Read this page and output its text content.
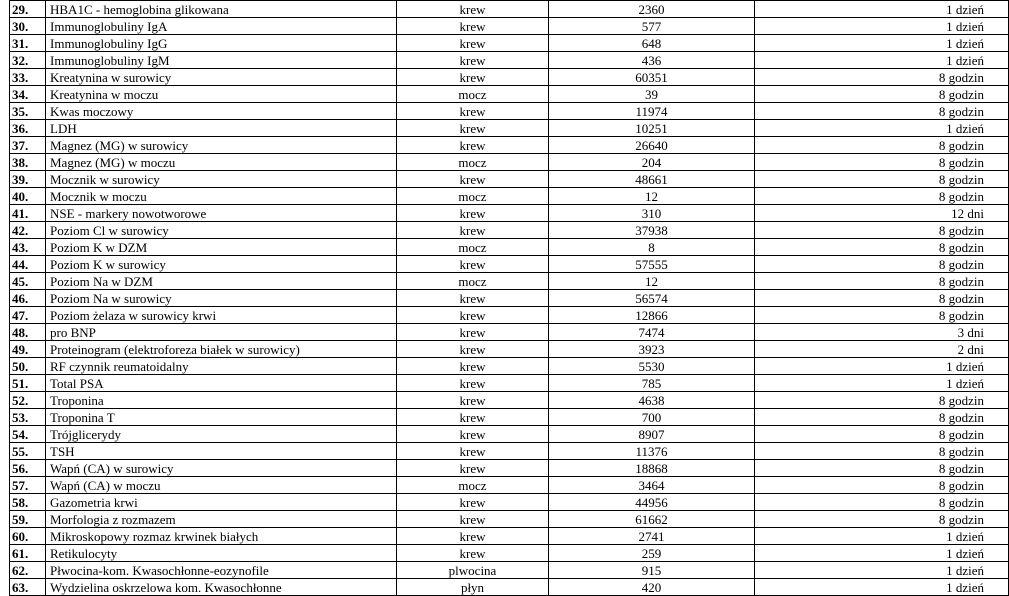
29.	HBA1C - hemoglobina glikowana	krew	2360	1 dzień
30.	Immunoglobuliny IgA	krew	577	1 dzień
31.	Immunoglobuliny IgG	krew	648	1 dzień
32.	Immunoglobuliny IgM	krew	436	1 dzień
33.	Kreatynina w surowicy	krew	60351	8 godzin
34.	Kreatynina w moczu	mocz	39	8 godzin
35.	Kwas moczowy	krew	11974	8 godzin
36.	LDH	krew	10251	1 dzień
37.	Magnez (MG) w surowicy	krew	26640	8 godzin
38.	Magnez (MG) w moczu	mocz	204	8 godzin
39.	Mocznik w surowicy	krew	48661	8 godzin
40.	Mocznik w moczu	mocz	12	8 godzin
41.	NSE - markery nowotworowe	krew	310	12 dni
42.	Poziom Cl w surowicy	krew	37938	8 godzin
43.	Poziom K w DZM	mocz	8	8 godzin
44.	Poziom K w surowicy	krew	57555	8 godzin
45.	Poziom Na w DZM	mocz	12	8 godzin
46.	Poziom Na w surowicy	krew	56574	8 godzin
47.	Poziom żelaza w surowicy krwi	krew	12866	8 godzin
48.	pro BNP	krew	7474	3 dni
49.	Proteinogram (elektroforeza białek w surowicy)	krew	3923	2 dni
50.	RF czynnik reumatoidalny	krew	5530	1 dzień
51.	Total PSA	krew	785	1 dzień
52.	Troponina	krew	4638	8 godzin
53.	Troponina T	krew	700	8 godzin
54.	Trójglicerydy	krew	8907	8 godzin
55.	TSH	krew	11376	8 godzin
56.	Wapń (CA) w surowicy	krew	18868	8 godzin
57.	Wapń (CA) w moczu	mocz	3464	8 godzin
58.	Gazometria krwi	krew	44956	8 godzin
59.	Morfologia z rozmazem	krew	61662	8 godzin
60.	Mikroskopowy rozmaz krwinek białych	krew	2741	1 dzień
61.	Retikulocyty	krew	259	1 dzień
62.	Płwocina-kom. Kwasochłonne-eozynofile	plwocina	915	1 dzień
63.	Wydzielina oskrzelowa kom. Kwasochłonne	płyn	420	1 dzień
